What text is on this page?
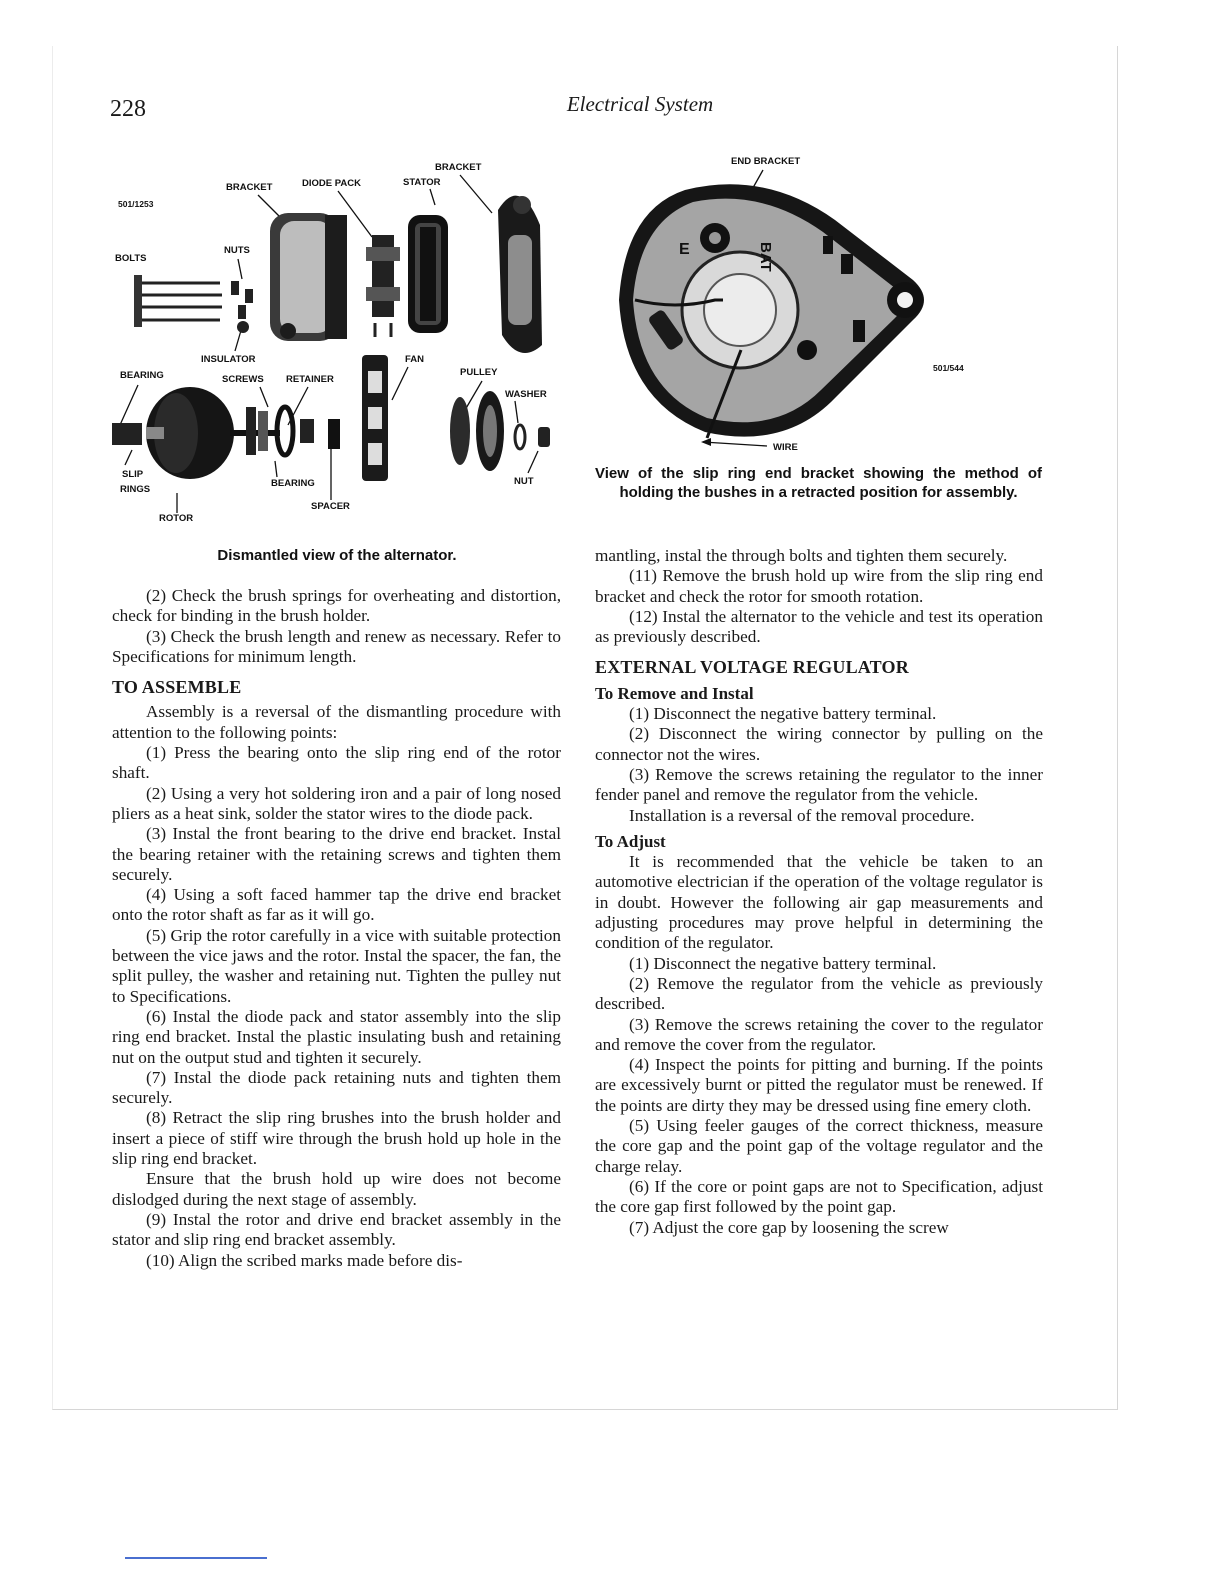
228	Electrical System
501/1253
BRACKET
DIODE PACK
BRACKET	STATOR
NUTS
BOLTS
INSULATOR	FAN
BEARING	SCREWS RETAINER
PULLEY
WASHER
SLIP
RINGS
BEARING	NUT
SPACER
ROTOR
Dismantled view of the alternator.
END BRACKET
501/544
WIRE
E	BAT
View of the slip ring end bracket showing the method of holding the bushes in a retracted position for assembly.

(2) Check the brush springs for overheating and distortion, check for binding in the brush holder.

(3) Check the brush length and renew as necessary. Refer to Specifications for minimum length.

TO ASSEMBLE

Assembly is a reversal of the dismantling procedure with attention to the following points:

(1) Press the bearing onto the slip ring end of the rotor shaft.

(2) Using a very hot soldering iron and a pair of long nosed pliers as a heat sink, solder the stator wires to the diode pack.

(3) Instal the front bearing to the drive end bracket. Instal the bearing retainer with the retaining screws and tighten them securely.

(4) Using a soft faced hammer tap the drive end bracket onto the rotor shaft as far as it will go.

(5) Grip the rotor carefully in a vice with suitable protection between the vice jaws and the rotor. Instal the spacer, the fan, the split pulley, the washer and retaining nut. Tighten the pulley nut to Specifications.

(6) Instal the diode pack and stator assembly into the slip ring end bracket. Instal the plastic insulating bush and retaining nut on the output stud and tighten it securely.

(7) Instal the diode pack retaining nuts and tighten them securely.

(8) Retract the slip ring brushes into the brush holder and insert a piece of stiff wire through the brush hold up hole in the slip ring end bracket.

Ensure that the brush hold up wire does not become dislodged during the next stage of assembly.

(9) Instal the rotor and drive end bracket assembly in the stator and slip ring end bracket assembly.

(10) Align the scribed marks made before dis-

mantling, instal the through bolts and tighten them securely.

(11) Remove the brush hold up wire from the slip ring end bracket and check the rotor for smooth rotation.

(12) Instal the alternator to the vehicle and test its operation as previously described.

EXTERNAL VOLTAGE REGULATOR
To Remove and Instal

(1) Disconnect the negative battery terminal.

(2) Disconnect the wiring connector by pulling on the connector not the wires.

(3) Remove the screws retaining the regulator to the inner fender panel and remove the regulator from the vehicle.

Installation is a reversal of the removal procedure.

To Adjust

It is recommended that the vehicle be taken to an automotive electrician if the operation of the voltage regulator is in doubt. However the following air gap measurements and adjusting procedures may prove helpful in determining the condition of the regulator.

(1) Disconnect the negative battery terminal.

(2) Remove the regulator from the vehicle as previously described.

(3) Remove the screws retaining the cover to the regulator and remove the cover from the regulator.

(4) Inspect the points for pitting and burning. If the points are excessively burnt or pitted the regulator must be renewed. If the points are dirty they may be dressed using fine emery cloth.

(5) Using feeler gauges of the correct thickness, measure the core gap and the point gap of the voltage regulator and the charge relay.

(6) If the core or point gaps are not to Specification, adjust the core gap first followed by the point gap.

(7) Adjust the core gap by loosening the screw
